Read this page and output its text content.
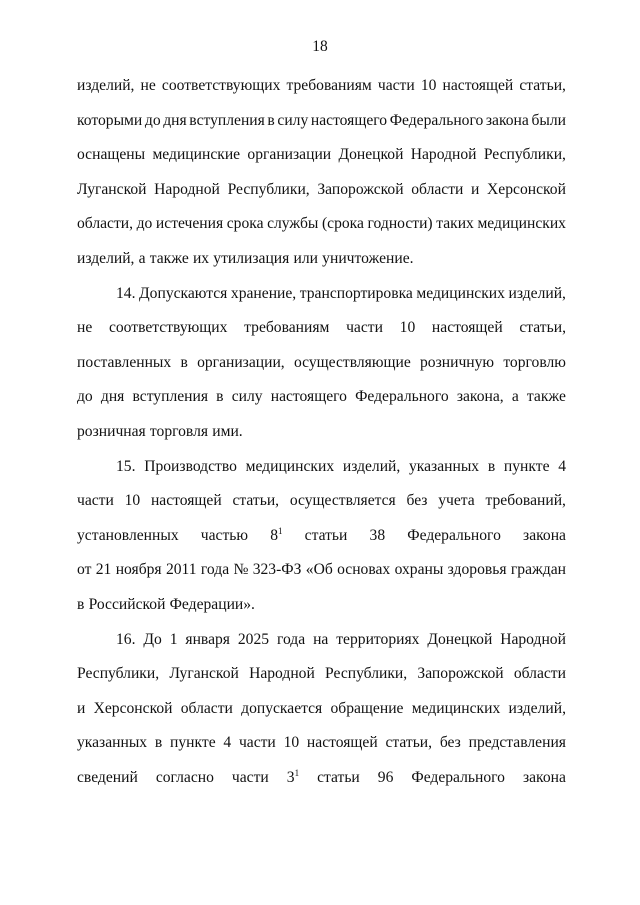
18
изделий, не соответствующих требованиям части 10 настоящей статьи,
которыми до дня вступления в силу настоящего Федерального закона были
оснащены медицинские организации Донецкой Народной Республики,
Луганской Народной Республики, Запорожской области и Херсонской
области, до истечения срока службы (срока годности) таких медицинских
изделий, а также их утилизация или уничтожение.
14. Допускаются хранение, транспортировка медицинских изделий,
не соответствующих требованиям части 10 настоящей статьи,
поставленных в организации, осуществляющие розничную торговлю
до дня вступления в силу настоящего Федерального закона, а также
розничная торговля ими.
15. Производство медицинских изделий, указанных в пункте 4
части 10 настоящей статьи, осуществляется без учета требований,
установленных частью $8^1$ статьи 38 Федерального закона
от 21 ноября 2011 года № 323-ФЗ «Об основах охраны здоровья граждан
в Российской Федерации».
16. До 1 января 2025 года на территориях Донецкой Народной
Республики, Луганской Народной Республики, Запорожской области
и Херсонской области допускается обращение медицинских изделий,
указанных в пункте 4 части 10 настоящей статьи, без представления
сведений согласно части $3^1$ статьи 96 Федерального закона
